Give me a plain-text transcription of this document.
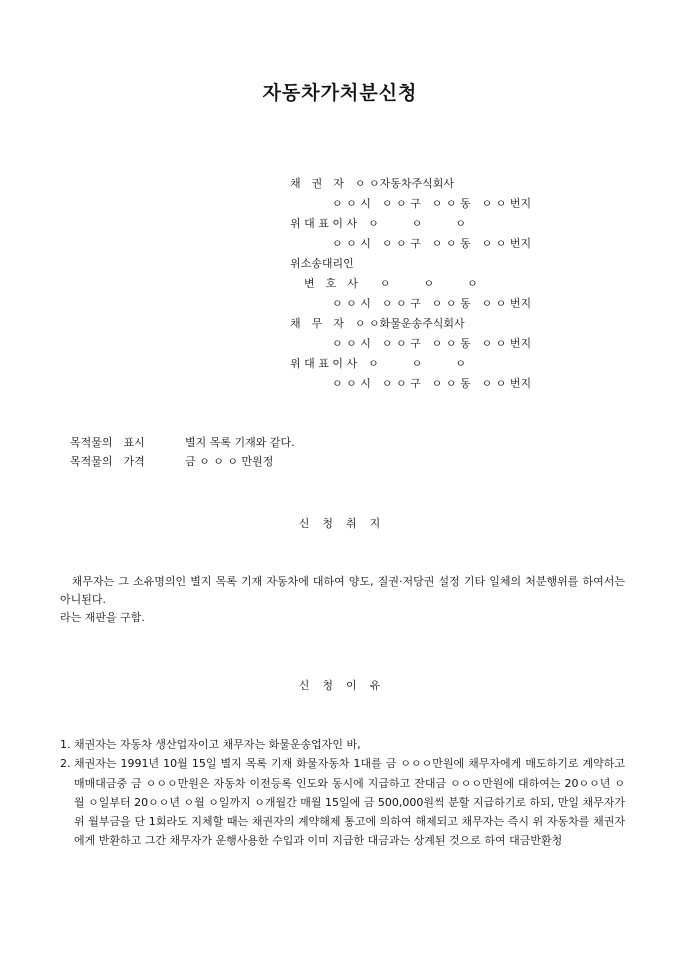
자동차가처분신청
채　권　자　ㅇ ㅇ자동차주식회사
ㅇ ㅇ 시　ㅇ ㅇ 구　ㅇ ㅇ 동　ㅇ ㅇ 번지
위 대 표 이 사　ㅇ　　　ㅇ　　　ㅇ
ㅇ ㅇ 시　ㅇ ㅇ 구　ㅇ ㅇ 동　ㅇ ㅇ 번지
위소송대리인
변　호　사　　ㅇ　　　ㅇ　　　ㅇ
ㅇ ㅇ 시　ㅇ ㅇ 구　ㅇ ㅇ 동　ㅇ ㅇ 번지
채　무　자　ㅇ ㅇ화물운송주식회사
ㅇ ㅇ 시　ㅇ ㅇ 구　ㅇ ㅇ 동　ㅇ ㅇ 번지
위 대 표 이 사　ㅇ　　　ㅇ　　　ㅇ
ㅇ ㅇ 시　ㅇ ㅇ 구　ㅇ ㅇ 동　ㅇ ㅇ 번지
목적물의　표시	별지 목록 기재와 같다.
목적물의　가격	금 ㅇ ㅇ ㅇ 만원정
신　청　취　지
　채무자는 그 소유명의인 별지 목록 기재 자동차에 대하여 양도, 질권·저당권 설정 기타 일체의 처분행위를 하여서는 아니된다.
라는 재판을 구함.
신　청　이　유
1. 채권자는 자동차 생산업자이고 채무자는 화물운송업자인 바,
2. 채권자는 1991년 10월 15일 별지 목록 기재 화물자동차 1대를 금 ㅇㅇㅇ만원에 채무자에게 매도하기로 계약하고 매매대금중 금 ㅇㅇㅇ만원은 자동차 이전등록 인도와 동시에 지급하고 잔대금 ㅇㅇㅇ만원에 대하여는 20ㅇㅇ년 ㅇ월 ㅇ일부터 20ㅇㅇ년 ㅇ월 ㅇ일까지 ㅇ개월간 매월 15일에 금 500,000원씩 분할 지급하기로 하되, 만일 채무자가 위 월부금을 단 1회라도 지체할 때는 채권자의 계약해제 통고에 의하여 해제되고 채무자는 즉시 위 자동차를 채권자에게 반환하고 그간 채무자가 운행사용한 수입과 이미 지급한 대금과는 상계된 것으로 하여 대금반환청
